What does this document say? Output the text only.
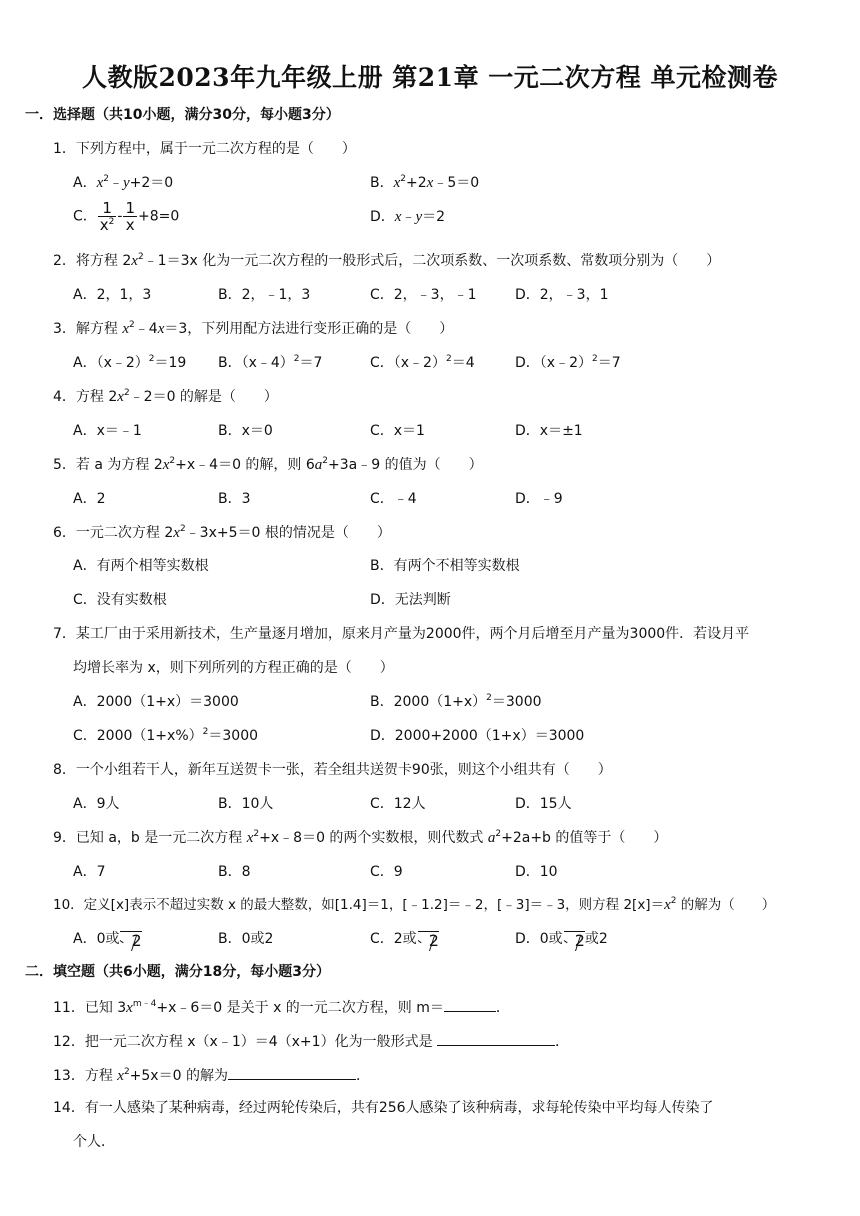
人教版2023年九年级上册 第21章 一元二次方程 单元检测卷
一．选择题（共10小题，满分30分，每小题3分）
1．下列方程中，属于一元二次方程的是（　　）
A．$x^2﹣y+2=0$	B．$x^2+2x﹣5=0$
C． $\frac{1}{x^2} - \frac{1}{x} +8=0$	D．x﹣y＝2
2．将方程 $2x^2﹣1=3x$ 化为一元二次方程的一般形式后，二次项系数、一次项系数、常数项分别为（　　）
A．2，1，3	B．2，﹣1，3	C．2，﹣3，﹣1	D．2，﹣3，1
3．解方程 $x^2﹣4x=3$，下列用配方法进行变形正确的是（　　）
A．（x﹣2）$^2$＝19 B．（x﹣4）$^2$＝7	C．（x﹣2）$^2$＝4	D．（x﹣2）$^2$＝7
4．方程 $2x^2﹣2=0$ 的解是（　　）
A．x＝﹣1	B．x＝0	C．x＝1	D．x＝±1
5．若 a 为方程 $2x^2+x﹣4=0$ 的解，则 $6a^2+3a﹣9$ 的值为（　　）
A．2	B．3	C．﹣4	D．﹣9
6．一元二次方程 $2x^2﹣3x+5=0$ 根的情况是（　　）
A．有两个相等实数根	B．有两个不相等实数根
C．没有实数根	D．无法判断
7．某工厂由于采用新技术，生产量逐月增加，原来月产量为2000件，两个月后增至月产量为3000件．若设月平
均增长率为 x，则下列所列的方程正确的是（　　）
A．2000（1+x）＝3000	B．$2000(1+x)^2=3000$
C．$2000(1+x\%)^2=3000$	D．2000+2000（1+x）＝3000
8．一个小组若干人，新年互送贺卡一张，若全组共送贺卡90张，则这个小组共有（　　）
A．9人	B．10人	C．12人	D．15人
9．已知 a，b 是一元二次方程 $x^2+x﹣8=0$ 的两个实数根，则代数式 $a^2+2a+b$ 的值等于（　　）
A．7	B．8	C．9	D．10
10．定义[x]表示不超过实数 x 的最大整数，如[1.4]＝1，[﹣1.2]＝﹣2，[﹣3]＝﹣3，则方程 $2[x]=x^2$ 的解为（　　）
A．0或 2	B．0或2	C．2或 2	D．0或 2或2
二．填空题（共6小题，满分18分，每小题3分）
11．已知 $3x^{m﹣4}+x﹣6=0$ 是关于 x 的一元二次方程，则 m＝	．
12．把一元二次方程 x（x﹣1）＝4（x+1）化为一般形式是	．
13．方程 $x^2+5x=0$ 的解为	．
14．有一人感染了某种病毒，经过两轮传染后，共有256人感染了该种病毒，求每轮传染中平均每人传染了
个人．
